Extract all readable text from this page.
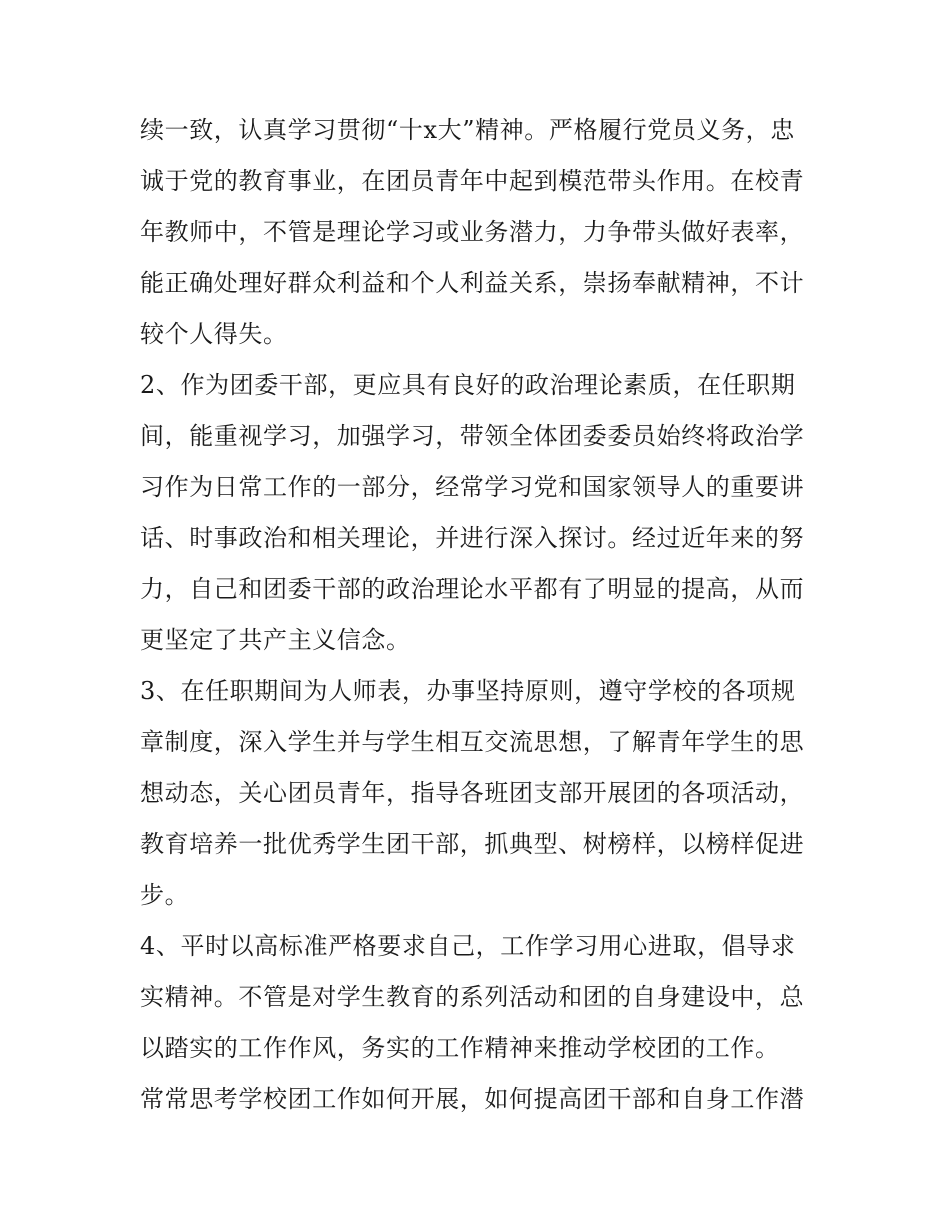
续一致，认真学习贯彻“十x大”精神。严格履行党员义务，忠
诚于党的教育事业，在团员青年中起到模范带头作用。在校青
年教师中，不管是理论学习或业务潜力，力争带头做好表率，
能正确处理好群众利益和个人利益关系，崇扬奉献精神，不计
较个人得失。
2、作为团委干部，更应具有良好的政治理论素质，在任职期
间，能重视学习，加强学习，带领全体团委委员始终将政治学
习作为日常工作的一部分，经常学习党和国家领导人的重要讲
话、时事政治和相关理论，并进行深入探讨。经过近年来的努
力，自己和团委干部的政治理论水平都有了明显的提高，从而
更坚定了共产主义信念。
3、在任职期间为人师表，办事坚持原则，遵守学校的各项规
章制度，深入学生并与学生相互交流思想，了解青年学生的思
想动态，关心团员青年，指导各班团支部开展团的各项活动，
教育培养一批优秀学生团干部，抓典型、树榜样，以榜样促进
步。
4、平时以高标准严格要求自己，工作学习用心进取，倡导求
实精神。不管是对学生教育的系列活动和团的自身建设中，总
以踏实的工作作风，务实的工作精神来推动学校团的工作。
常常思考学校团工作如何开展，如何提高团干部和自身工作潜
